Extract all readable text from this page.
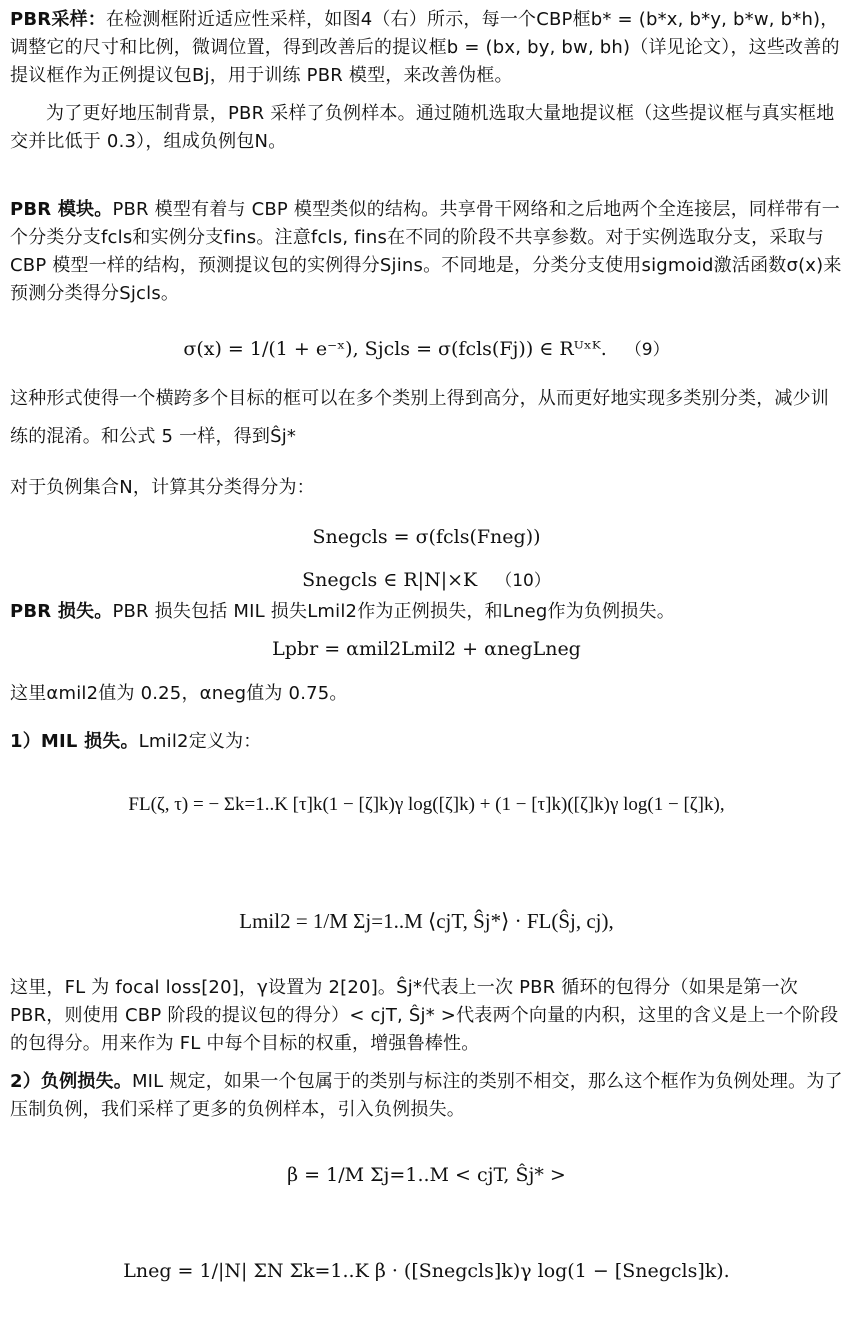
PBR采样：在检测框附近适应性采样，如图4（右）所示，每一个CBP框b* = (b*x, b*y, b*w, b*h)，调整它的尺寸和比例，微调位置，得到改善后的提议框b = (bx, by, bw, bh)（详见论文），这些改善的提议框作为正例提议包Bj，用于训练 PBR 模型，来改善伪框。
为了更好地压制背景，PBR 采样了负例样本。通过随机选取大量地提议框（这些提议框与真实框地交并比低于 0.3），组成负例包N。
PBR 模块。PBR 模型有着与 CBP 模型类似的结构。共享骨干网络和之后地两个全连接层，同样带有一个分类分支fcls和实例分支fins。注意fcls, fins在不同的阶段不共享参数。对于实例选取分支，采取与 CBP 模型一样的结构，预测提议包的实例得分Sjins。不同地是，分类分支使用sigmoid激活函数σ(x)来预测分类得分Sjcls。
σ(x) = 1/(1 + e⁻ˣ), Sjcls = σ(fcls(Fj)) ∈ Rᵁˣᴷ. （9）
这种形式使得一个横跨多个目标的框可以在多个类别上得到高分，从而更好地实现多类别分类，减少训练的混淆。和公式 5 一样，得到Ŝj*
对于负例集合N，计算其分类得分为：
Snegcls = σ(fcls(Fneg))
Snegcls ∈ R|N|×K （10）
PBR 损失。PBR 损失包括 MIL 损失Lmil2作为正例损失，和Lneg作为负例损失。
Lpbr = αmil2Lmil2 + αnegLneg
这里αmil2值为 0.25，αneg值为 0.75。
1）MIL 损失。Lmil2定义为：
FL(ζ, τ) = − Σk=1..K [τ]k(1 − [ζ]k)γ log([ζ]k) + (1 − [τ]k)([ζ]k)γ log(1 − [ζ]k),
Lmil2 = 1/M Σj=1..M ⟨cjT, Ŝj*⟩ · FL(Ŝj, cj),
这里，FL 为 focal loss[20]，γ设置为 2[20]。Ŝj*代表上一次 PBR 循环的包得分（如果是第一次 PBR，则使用 CBP 阶段的提议包的得分）< cjT, Ŝj* >代表两个向量的内积，这里的含义是上一个阶段的包得分。用来作为 FL 中每个目标的权重，增强鲁棒性。
2）负例损失。MIL 规定，如果一个包属于的类别与标注的类别不相交，那么这个框作为负例处理。为了压制负例，我们采样了更多的负例样本，引入负例损失。
β = 1/M Σj=1..M < cjT, Ŝj* >
Lneg = 1/|N| ΣN Σk=1..K β · ([Snegcls]k)γ log(1 − [Snegcls]k).
